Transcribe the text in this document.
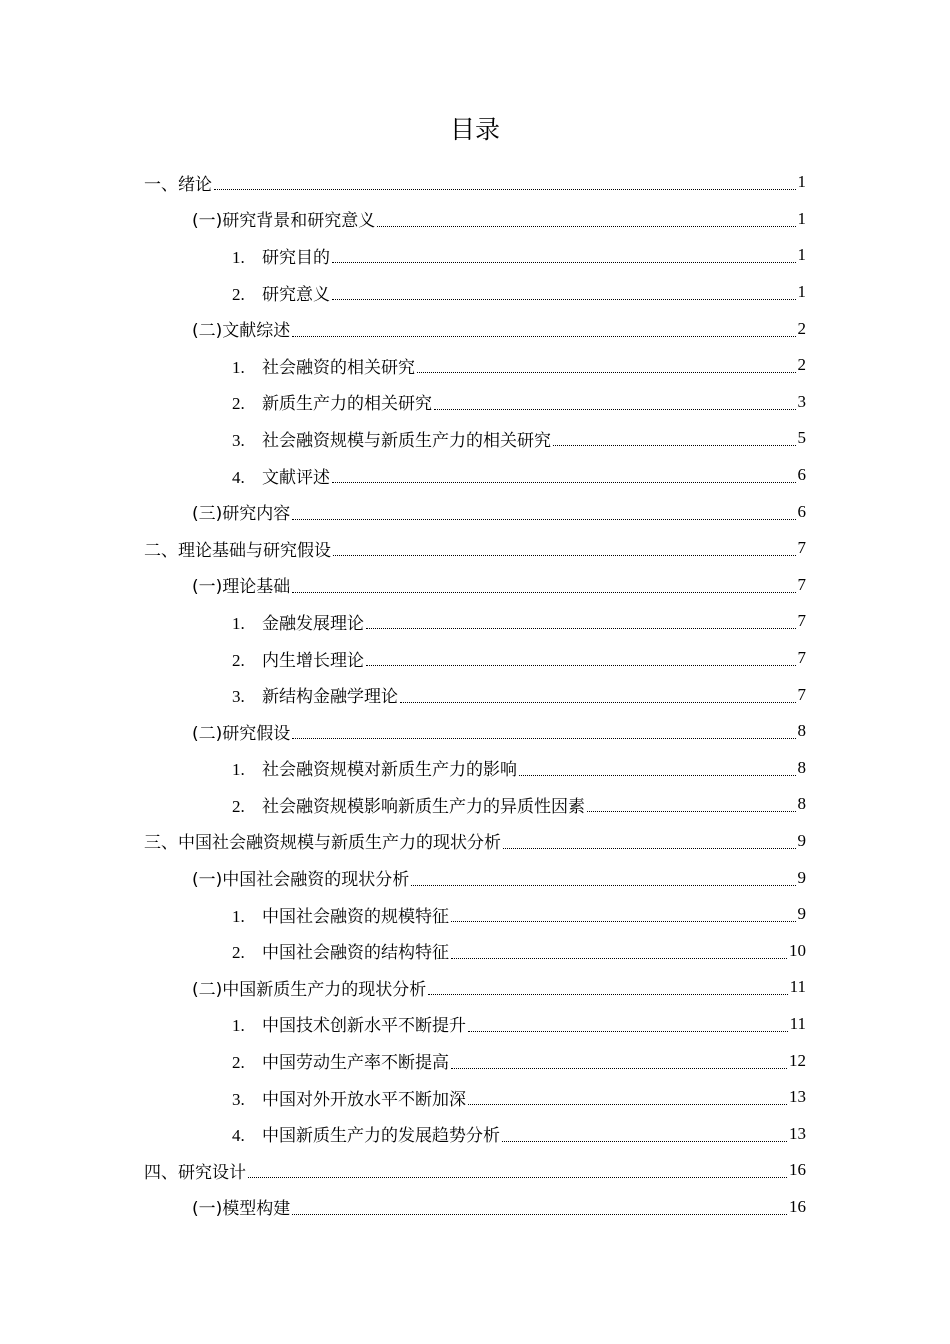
目录
一、绪论	1
(一)研究背景和研究意义	1
1. 研究目的	1
2. 研究意义	1
(二)文献综述	2
1. 社会融资的相关研究	2
2. 新质生产力的相关研究	3
3. 社会融资规模与新质生产力的相关研究	5
4. 文献评述	6
(三)研究内容	6
二、理论基础与研究假设	7
(一)理论基础	7
1. 金融发展理论	7
2. 内生增长理论	7
3. 新结构金融学理论	7
(二)研究假设	8
1. 社会融资规模对新质生产力的影响	8
2. 社会融资规模影响新质生产力的异质性因素	8
三、中国社会融资规模与新质生产力的现状分析	9
(一)中国社会融资的现状分析	9
1. 中国社会融资的规模特征	9
2. 中国社会融资的结构特征	10
(二)中国新质生产力的现状分析	11
1. 中国技术创新水平不断提升	11
2. 中国劳动生产率不断提高	12
3. 中国对外开放水平不断加深	13
4. 中国新质生产力的发展趋势分析	13
四、研究设计	16
(一)模型构建	16
